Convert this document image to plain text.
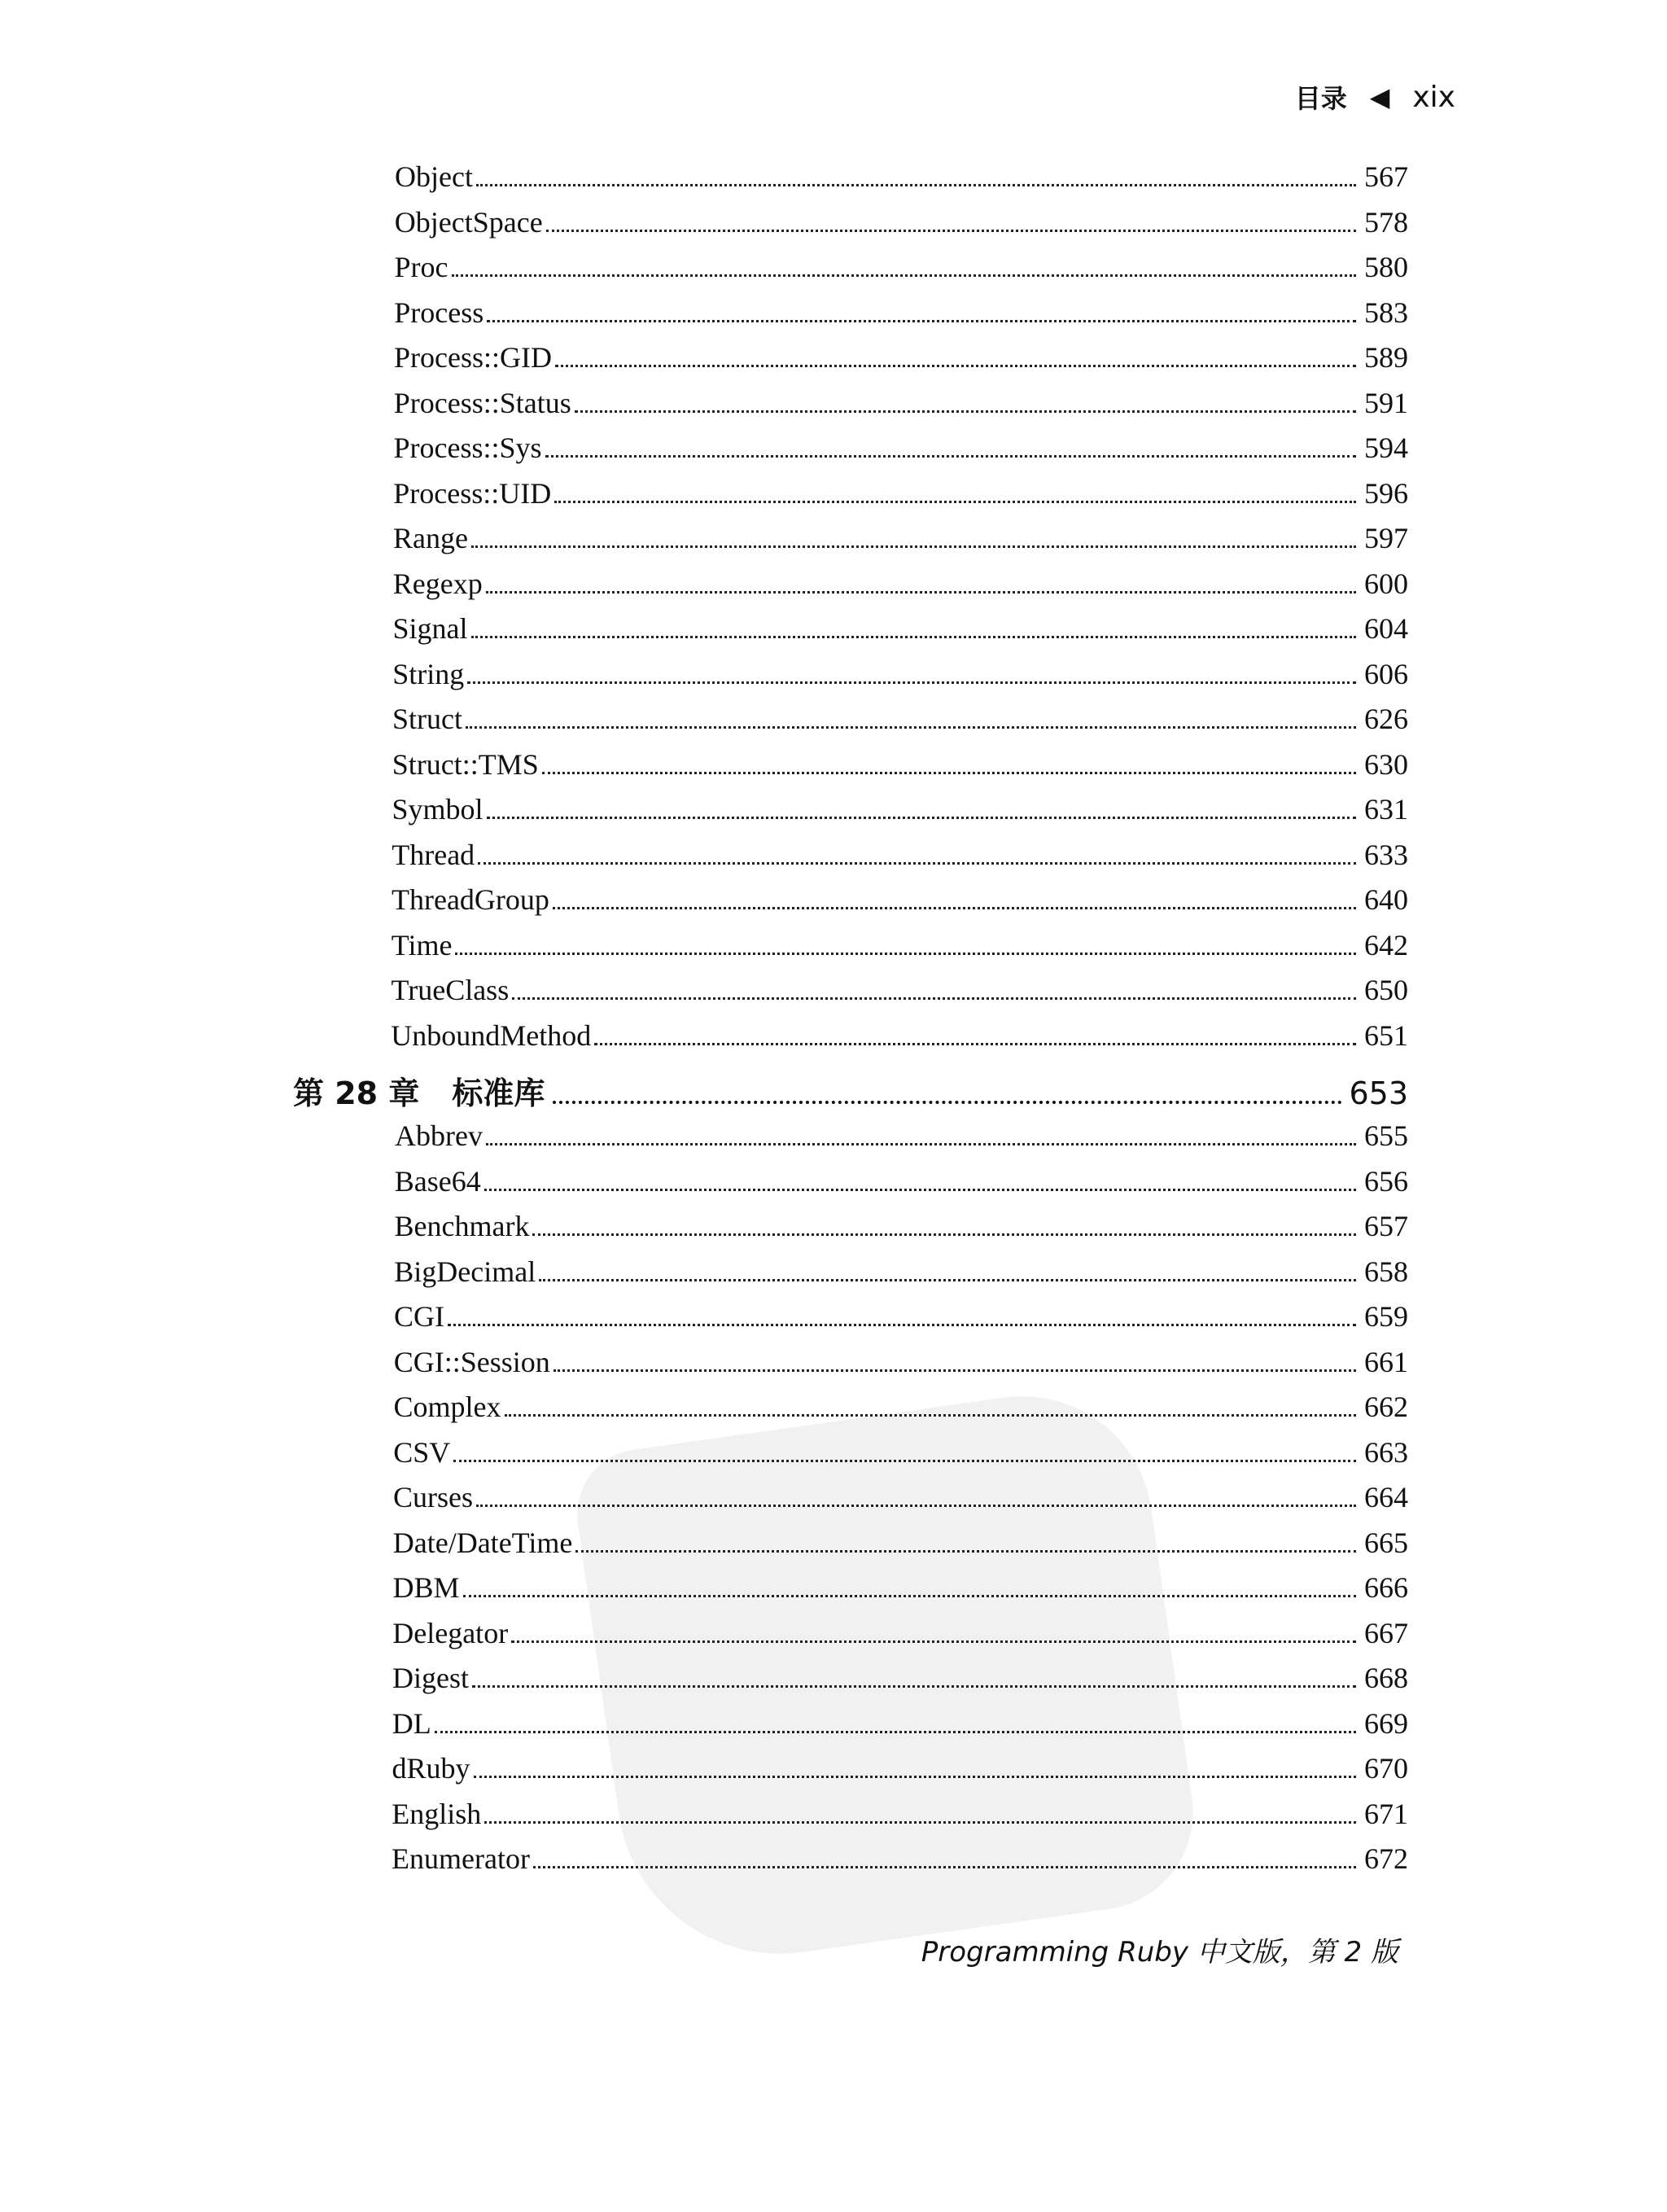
目录 ◀ xix
Object	567
ObjectSpace	578
Proc	580
Process	583
Process::GID	589
Process::Status	591
Process::Sys	594
Process::UID	596
Range	597
Regexp	600
Signal	604
String	606
Struct	626
Struct::TMS	630
Symbol	631
Thread	633
ThreadGroup	640
Time	642
TrueClass	650
UnboundMethod	651
第 28 章 标准库	653
Abbrev	655
Base64	656
Benchmark	657
BigDecimal	658
CGI	659
CGI::Session	661
Complex	662
CSV	663
Curses	664
Date/DateTime	665
DBM	666
Delegator	667
Digest	668
DL	669
dRuby	670
English	671
Enumerator	672
Programming Ruby 中文版，第 2 版
